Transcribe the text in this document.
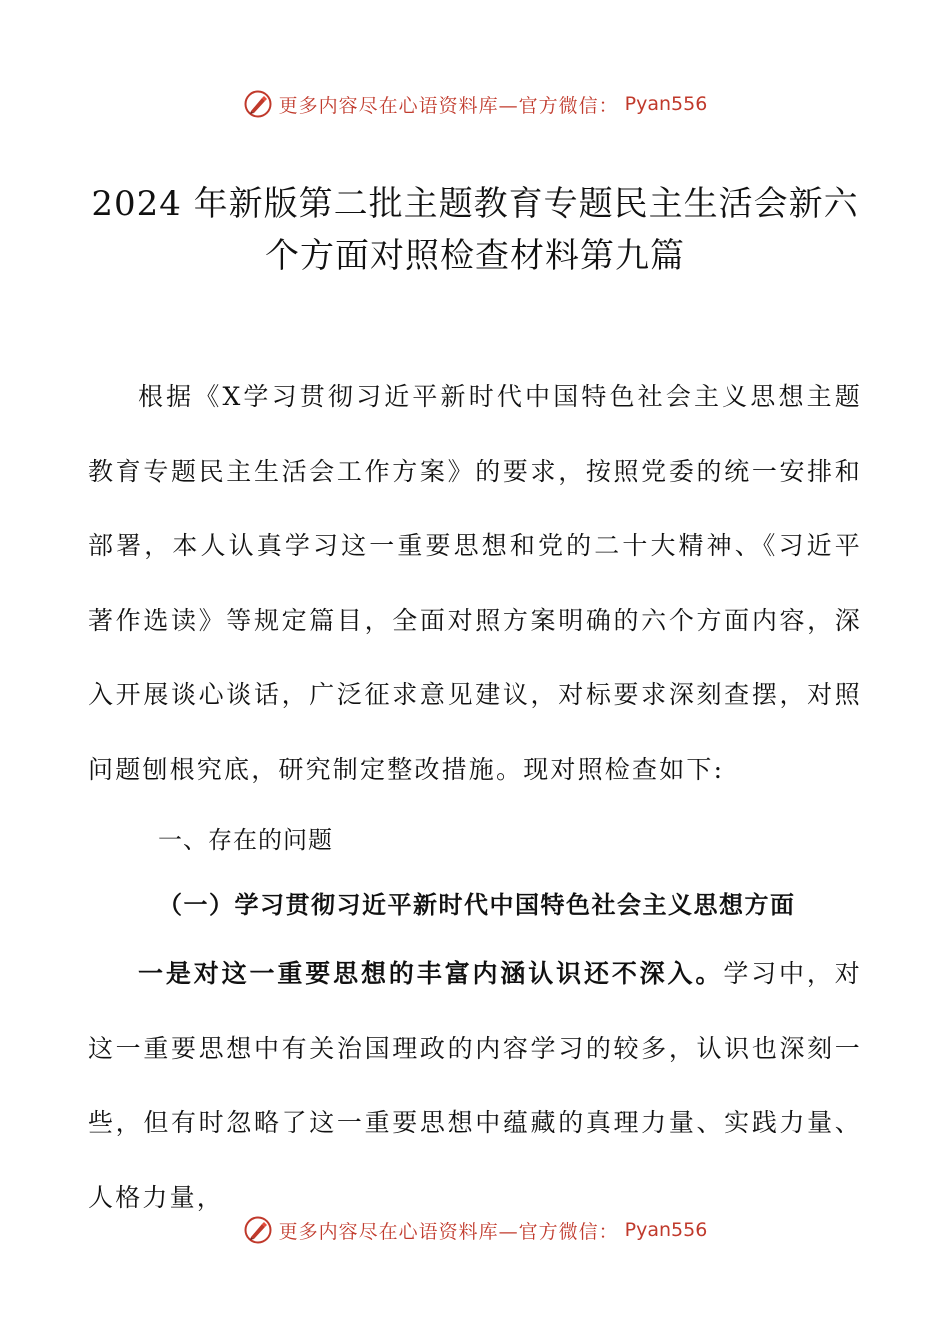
更多内容尽在心语资料库—官方微信： Pyan556
2024 年新版第二批主题教育专题民主生活会新六
个方面对照检查材料第九篇

根据《X学习贯彻习近平新时代中国特色社会主义思想主题教育专题民主生活会工作方案》的要求，按照党委的统一安排和部署，本人认真学习这一重要思想和党的二十大精神、《习近平著作选读》等规定篇目，全面对照方案明确的六个方面内容，深入开展谈心谈话，广泛征求意见建议，对标要求深刻查摆，对照问题刨根究底，研究制定整改措施。现对照检查如下:

一、存在的问题

（一）学习贯彻习近平新时代中国特色社会主义思想方面

一是对这一重要思想的丰富内涵认识还不深入。学习中，对这一重要思想中有关治国理政的内容学习的较多，认识也深刻一些，但有时忽略了这一重要思想中蕴藏的真理力量、实践力量、人格力量，

更多内容尽在心语资料库—官方微信： Pyan556
